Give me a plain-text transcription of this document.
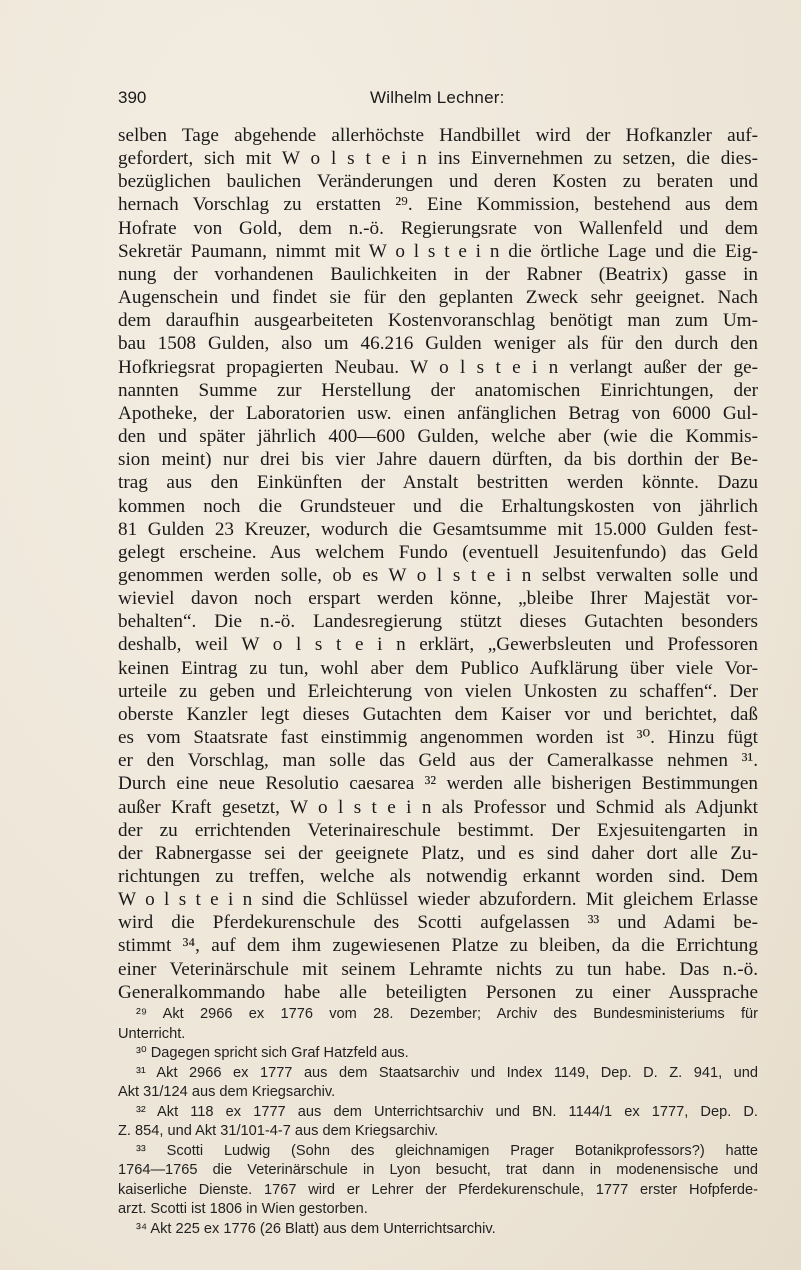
390	Wilhelm Lechner:
selben Tage abgehende allerhöchste Handbillet wird der Hofkanzler auf-
gefordert, sich mit W o l s t e i n ins Einvernehmen zu setzen, die dies-
bezüglichen baulichen Veränderungen und deren Kosten zu beraten und
hernach Vorschlag zu erstatten ²⁹. Eine Kommission, bestehend aus dem
Hofrate von Gold, dem n.-ö. Regierungsrate von Wallenfeld und dem
Sekretär Paumann, nimmt mit W o l s t e i n die örtliche Lage und die Eig-
nung der vorhandenen Baulichkeiten in der Rabner (Beatrix) gasse in
Augenschein und findet sie für den geplanten Zweck sehr geeignet. Nach
dem daraufhin ausgearbeiteten Kostenvoranschlag benötigt man zum Um-
bau 1508 Gulden, also um 46.216 Gulden weniger als für den durch den
Hofkriegsrat propagierten Neubau. W o l s t e i n verlangt außer der ge-
nannten Summe zur Herstellung der anatomischen Einrichtungen, der
Apotheke, der Laboratorien usw. einen anfänglichen Betrag von 6000 Gul-
den und später jährlich 400—600 Gulden, welche aber (wie die Kommis-
sion meint) nur drei bis vier Jahre dauern dürften, da bis dorthin der Be-
trag aus den Einkünften der Anstalt bestritten werden könnte. Dazu
kommen noch die Grundsteuer und die Erhaltungskosten von jährlich
81 Gulden 23 Kreuzer, wodurch die Gesamtsumme mit 15.000 Gulden fest-
gelegt erscheine. Aus welchem Fundo (eventuell Jesuitenfundo) das Geld
genommen werden solle, ob es W o l s t e i n selbst verwalten solle und
wieviel davon noch erspart werden könne, „bleibe Ihrer Majestät vor-
behalten“. Die n.-ö. Landesregierung stützt dieses Gutachten besonders
deshalb, weil W o l s t e i n erklärt, „Gewerbsleuten und Professoren
keinen Eintrag zu tun, wohl aber dem Publico Aufklärung über viele Vor-
urteile zu geben und Erleichterung von vielen Unkosten zu schaffen“. Der
oberste Kanzler legt dieses Gutachten dem Kaiser vor und berichtet, daß
es vom Staatsrate fast einstimmig angenommen worden ist ³⁰. Hinzu fügt
er den Vorschlag, man solle das Geld aus der Cameralkasse nehmen ³¹.
Durch eine neue Resolutio caesarea ³² werden alle bisherigen Bestimmungen
außer Kraft gesetzt, W o l s t e i n als Professor und Schmid als Adjunkt
der zu errichtenden Veterinaireschule bestimmt. Der Exjesuitengarten in
der Rabnergasse sei der geeignete Platz, und es sind daher dort alle Zu-
richtungen zu treffen, welche als notwendig erkannt worden sind. Dem
W o l s t e i n sind die Schlüssel wieder abzufordern. Mit gleichem Erlasse
wird die Pferdekurenschule des Scotti aufgelassen ³³ und Adami be-
stimmt ³⁴, auf dem ihm zugewiesenen Platze zu bleiben, da die Errichtung
einer Veterinärschule mit seinem Lehramte nichts zu tun habe. Das n.-ö.
Generalkommando habe alle beteiligten Personen zu einer Aussprache
²⁹ Akt 2966 ex 1776 vom 28. Dezember; Archiv des Bundesministeriums für
Unterricht.
³⁰ Dagegen spricht sich Graf Hatzfeld aus.
³¹ Akt 2966 ex 1777 aus dem Staatsarchiv und Index 1149, Dep. D. Z. 941, und
Akt 31/124 aus dem Kriegsarchiv.
³² Akt 118 ex 1777 aus dem Unterrichtsarchiv und BN. 1144/1 ex 1777, Dep. D.
Z. 854, und Akt 31/101-4-7 aus dem Kriegsarchiv.
³³ Scotti Ludwig (Sohn des gleichnamigen Prager Botanikprofessors?) hatte
1764—1765 die Veterinärschule in Lyon besucht, trat dann in modenensische und
kaiserliche Dienste. 1767 wird er Lehrer der Pferdekurenschule, 1777 erster Hofpferde-
arzt. Scotti ist 1806 in Wien gestorben.
³⁴ Akt 225 ex 1776 (26 Blatt) aus dem Unterrichtsarchiv.
